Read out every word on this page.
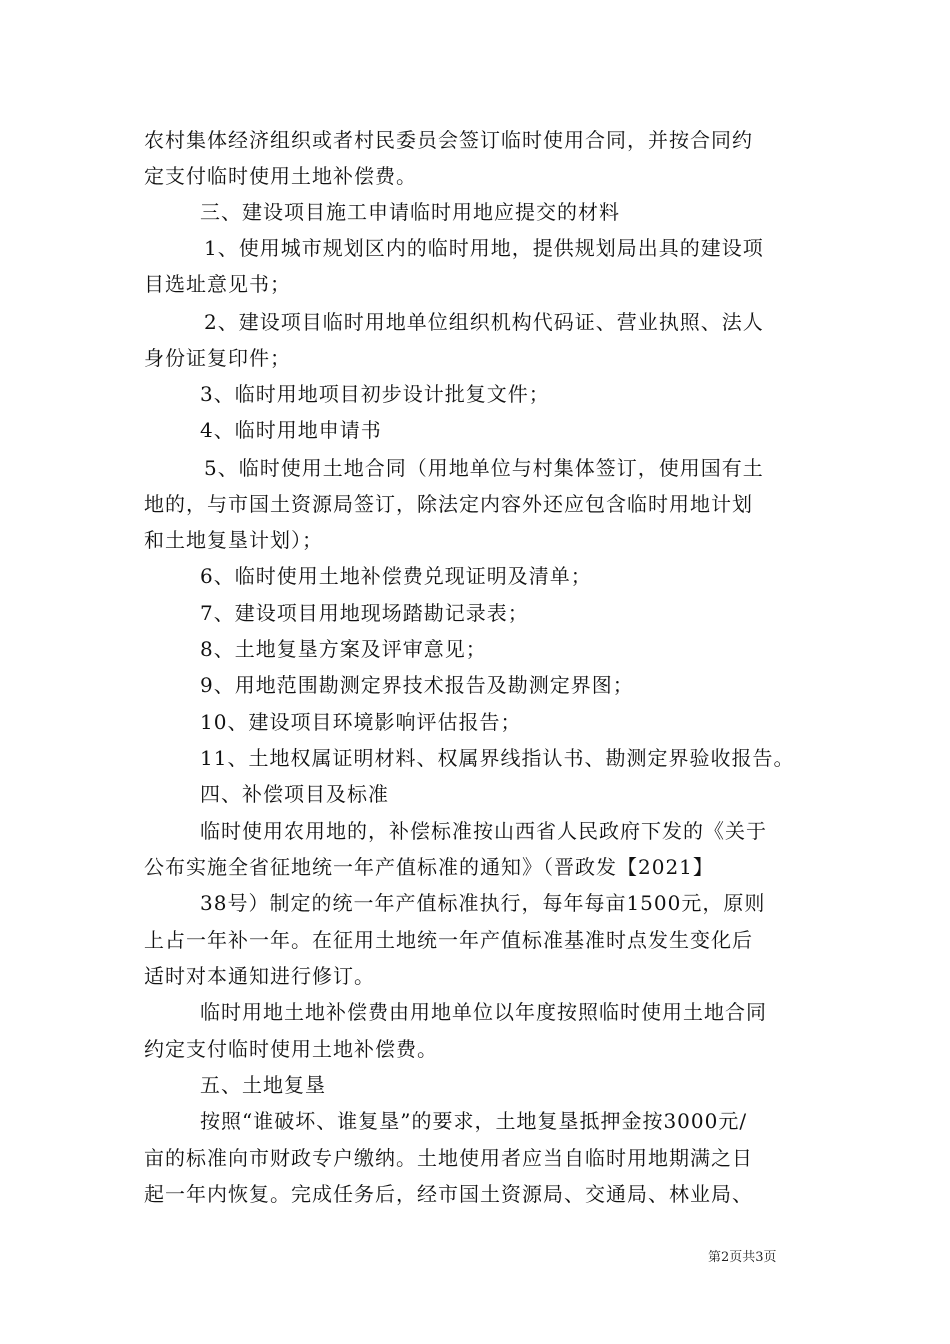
农村集体经济组织或者村民委员会签订临时使用合同，并按合同约
定支付临时使用土地补偿费。
三、建设项目施工申请临时用地应提交的材料
1、使用城市规划区内的临时用地，提供规划局出具的建设项
目选址意见书；
2、建设项目临时用地单位组织机构代码证、营业执照、法人
身份证复印件；
3、临时用地项目初步设计批复文件；
4、临时用地申请书
5、临时使用土地合同（用地单位与村集体签订，使用国有土
地的，与市国土资源局签订，除法定内容外还应包含临时用地计划
和土地复垦计划）；
6、临时使用土地补偿费兑现证明及清单；
7、建设项目用地现场踏勘记录表；
8、土地复垦方案及评审意见；
9、用地范围勘测定界技术报告及勘测定界图；
10、建设项目环境影响评估报告；
11、土地权属证明材料、权属界线指认书、勘测定界验收报告。
四、补偿项目及标准
临时使用农用地的，补偿标准按山西省人民政府下发的《关于
公布实施全省征地统一年产值标准的通知》（晋政发【2021】
38号）制定的统一年产值标准执行，每年每亩1500元，原则
上占一年补一年。在征用土地统一年产值标准基准时点发生变化后
适时对本通知进行修订。
临时用地土地补偿费由用地单位以年度按照临时使用土地合同
约定支付临时使用土地补偿费。
五、土地复垦
按照“谁破坏、谁复垦”的要求，土地复垦抵押金按3000元/
亩的标准向市财政专户缴纳。土地使用者应当自临时用地期满之日
起一年内恢复。完成任务后，经市国土资源局、交通局、林业局、
第2页共3页
